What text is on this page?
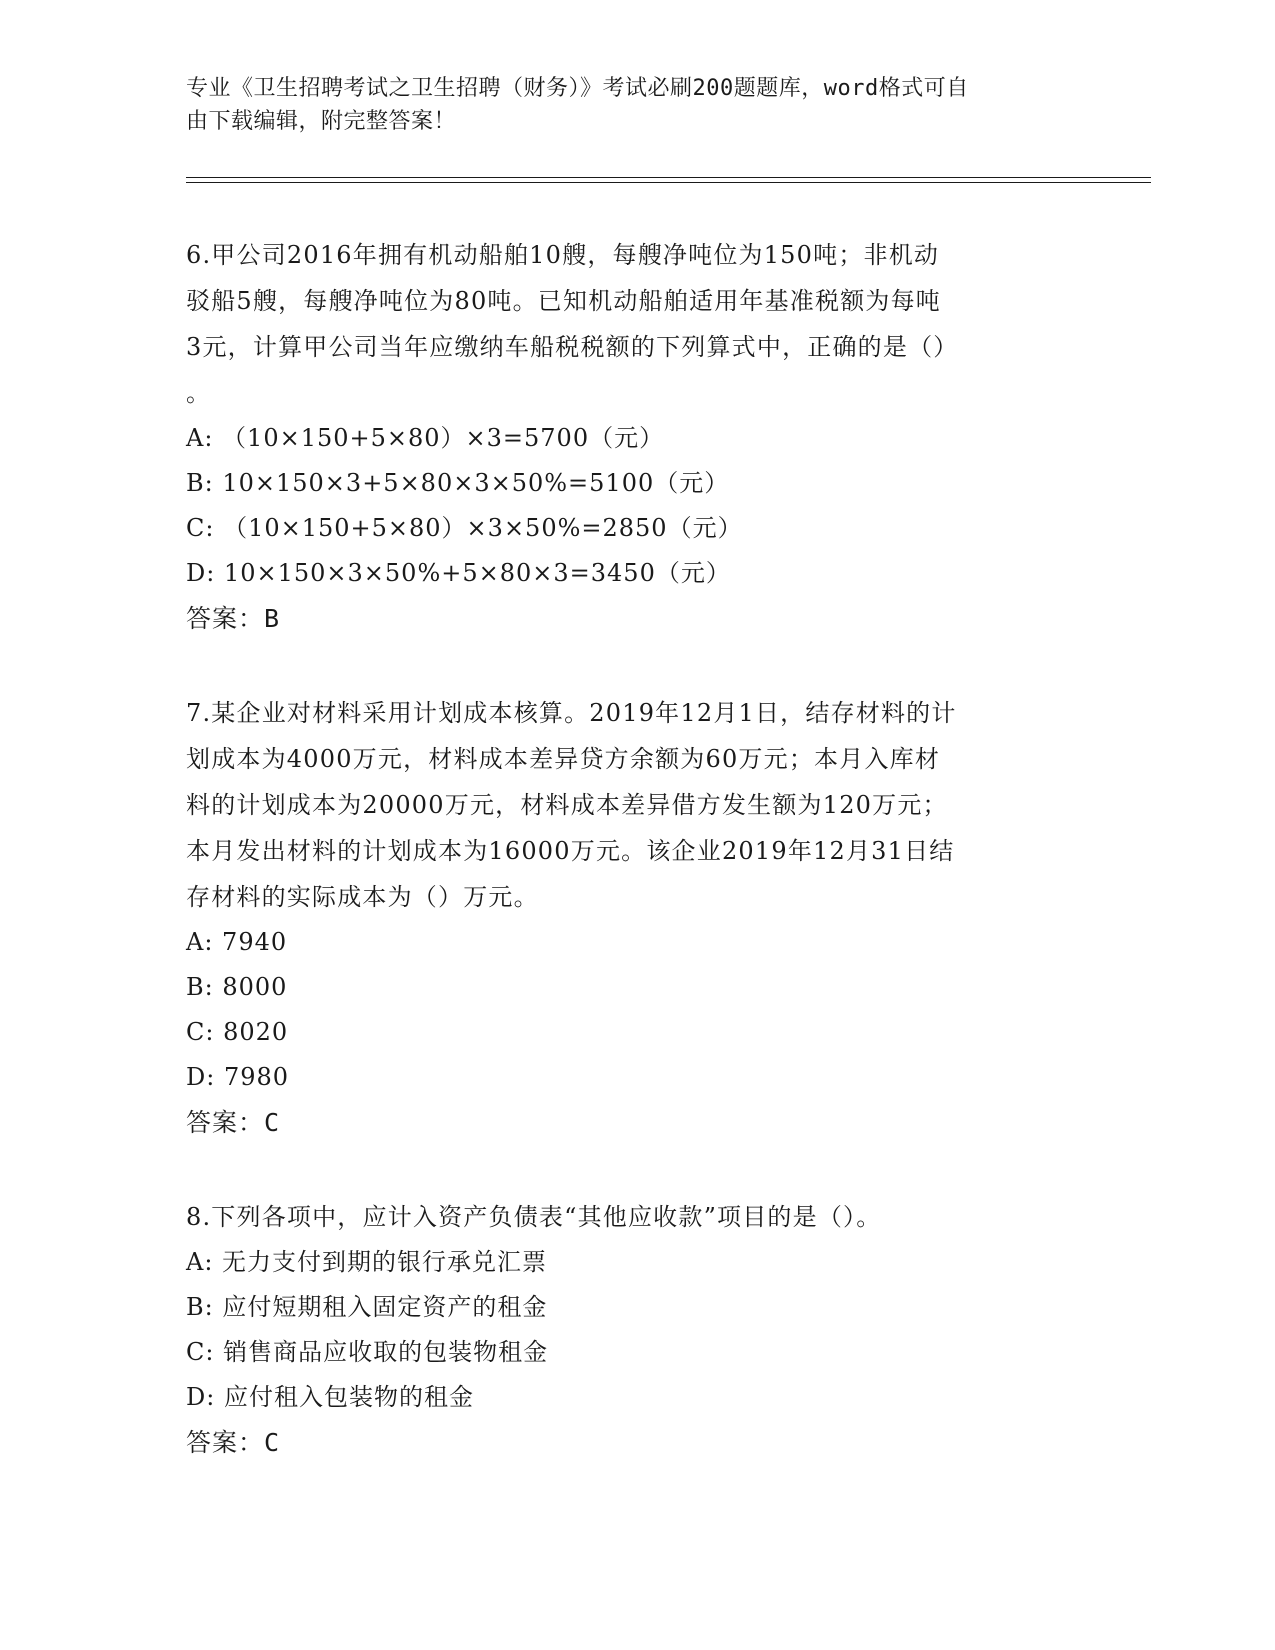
专业《卫生招聘考试之卫生招聘（财务）》考试必刷200题题库，word格式可自
由下载编辑，附完整答案！

6.甲公司2016年拥有机动船舶10艘，每艘净吨位为150吨；非机动

驳船5艘，每艘净吨位为80吨。已知机动船舶适用年基准税额为每吨

3元，计算甲公司当年应缴纳车船税税额的下列算式中，正确的是（）

。

A: （10×150+5×80）×3=5700（元）

B: 10×150×3+5×80×3×50%=5100（元）

C: （10×150+5×80）×3×50%=2850（元）

D: 10×150×3×50%+5×80×3=3450（元）

答案：B

7.某企业对材料采用计划成本核算。2019年12月1日，结存材料的计

划成本为4000万元，材料成本差异贷方余额为60万元；本月入库材

料的计划成本为20000万元，材料成本差异借方发生额为120万元；

本月发出材料的计划成本为16000万元。该企业2019年12月31日结

存材料的实际成本为（）万元。

A: 7940

B: 8000

C: 8020

D: 7980

答案：C

8.下列各项中，应计入资产负债表“其他应收款”项目的是（）。

A: 无力支付到期的银行承兑汇票

B: 应付短期租入固定资产的租金

C: 销售商品应收取的包装物租金

D: 应付租入包装物的租金

答案：C
